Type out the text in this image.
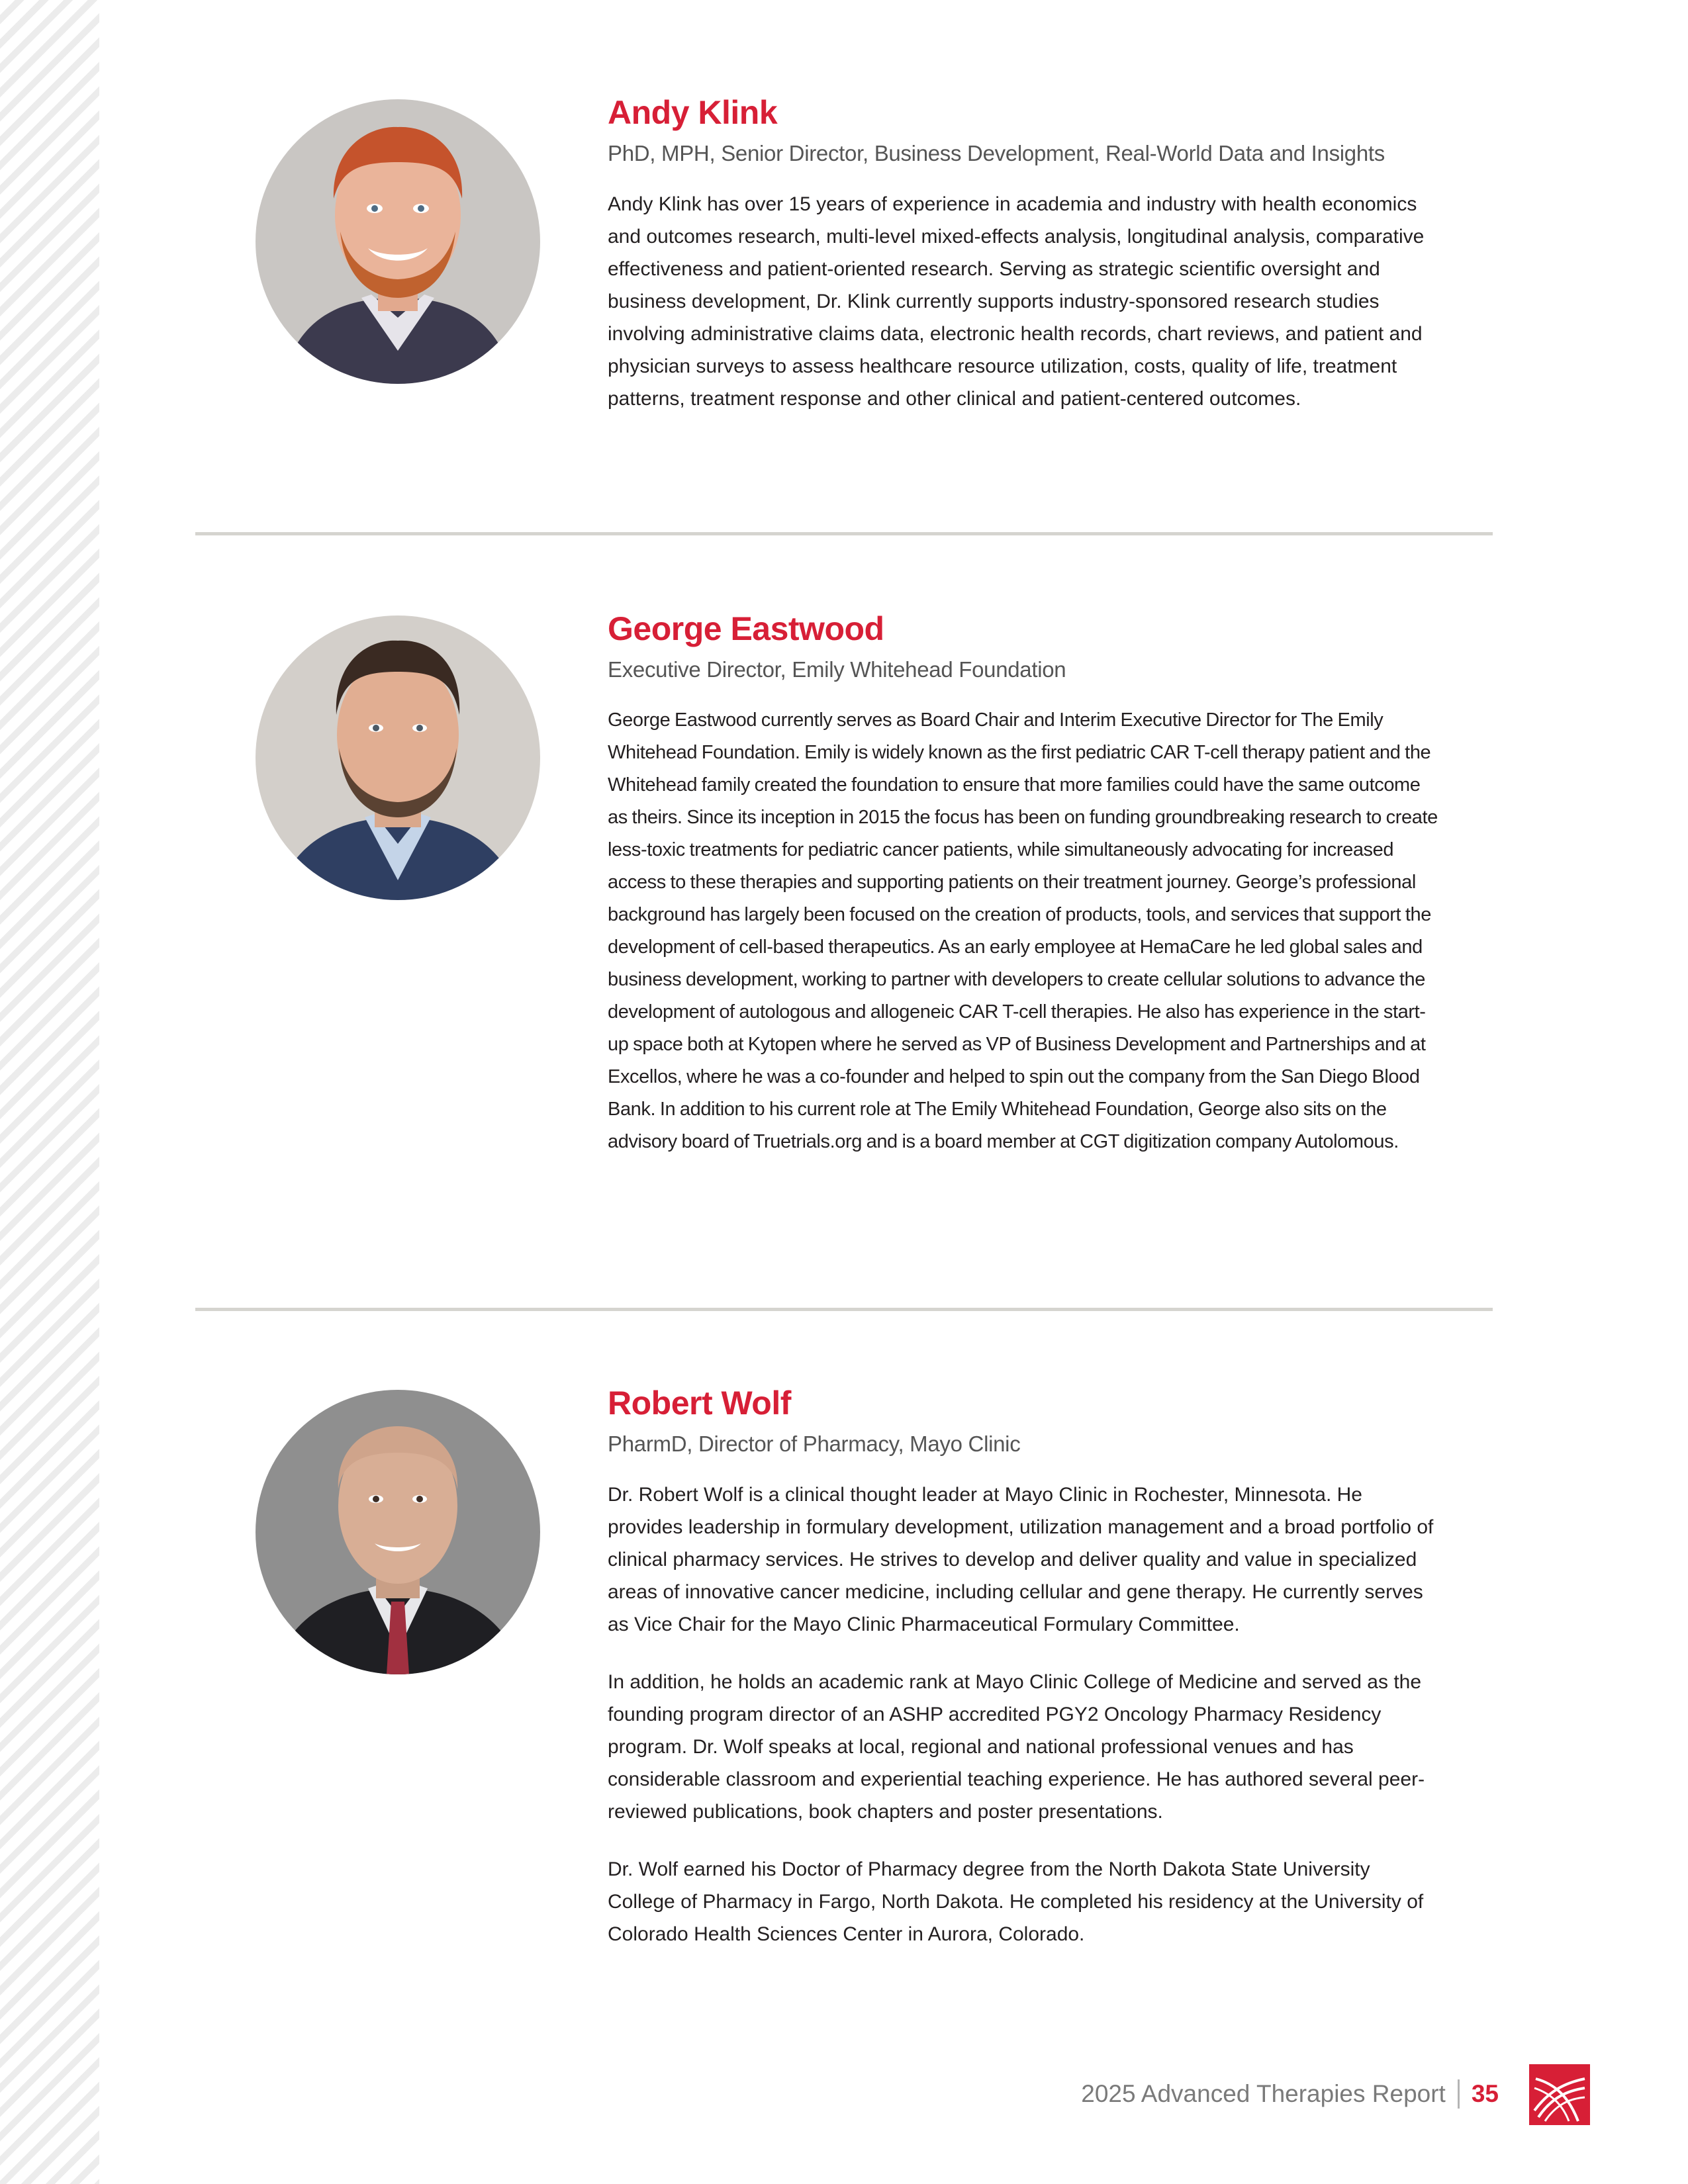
Andy Klink

PhD, MPH, Senior Director, Business Development, Real-World Data and Insights

Andy Klink has over 15 years of experience in academia and industry with health economics and outcomes research, multi-level mixed-effects analysis, longitudinal analysis, comparative effectiveness and patient-oriented research. Serving as strategic scientific oversight and business development, Dr. Klink currently supports industry-sponsored research studies involving administrative claims data, electronic health records, chart reviews, and patient and physician surveys to assess healthcare resource utilization, costs, quality of life, treatment patterns, treatment response and other clinical and patient-centered outcomes.

George Eastwood

Executive Director, Emily Whitehead Foundation

George Eastwood currently serves as Board Chair and Interim Executive Director for The Emily Whitehead Foundation. Emily is widely known as the first pediatric CAR T-cell therapy patient and the Whitehead family created the foundation to ensure that more families could have the same outcome as theirs. Since its inception in 2015 the focus has been on funding groundbreaking research to create less-toxic treatments for pediatric cancer patients, while simultaneously advocating for increased access to these therapies and supporting patients on their treatment journey. George’s professional background has largely been focused on the creation of products, tools, and services that support the development of cell-based therapeutics. As an early employee at HemaCare he led global sales and business development, working to partner with developers to create cellular solutions to advance the development of autologous and allogeneic CAR T-cell therapies. He also has experience in the start-up space both at Kytopen where he served as VP of Business Development and Partnerships and at Excellos, where he was a co-founder and helped to spin out the company from the San Diego Blood Bank. In addition to his current role at The Emily Whitehead Foundation, George also sits on the advisory board of Truetrials.org and is a board member at CGT digitization company Autolomous.

Robert Wolf

PharmD, Director of Pharmacy, Mayo Clinic

Dr. Robert Wolf is a clinical thought leader at Mayo Clinic in Rochester, Minnesota. He provides leadership in formulary development, utilization management and a broad portfolio of clinical pharmacy services. He strives to develop and deliver quality and value in specialized areas of innovative cancer medicine, including cellular and gene therapy. He currently serves as Vice Chair for the Mayo Clinic Pharmaceutical Formulary Committee.

In addition, he holds an academic rank at Mayo Clinic College of Medicine and served as the founding program director of an ASHP accredited PGY2 Oncology Pharmacy Residency program. Dr. Wolf speaks at local, regional and national professional venues and has considerable classroom and experiential teaching experience. He has authored several peer-reviewed publications, book chapters and poster presentations.

Dr. Wolf earned his Doctor of Pharmacy degree from the North Dakota State University College of Pharmacy in Fargo, North Dakota. He completed his residency at the University of Colorado Health Sciences Center in Aurora, Colorado.

2025 Advanced Therapies Report 35
